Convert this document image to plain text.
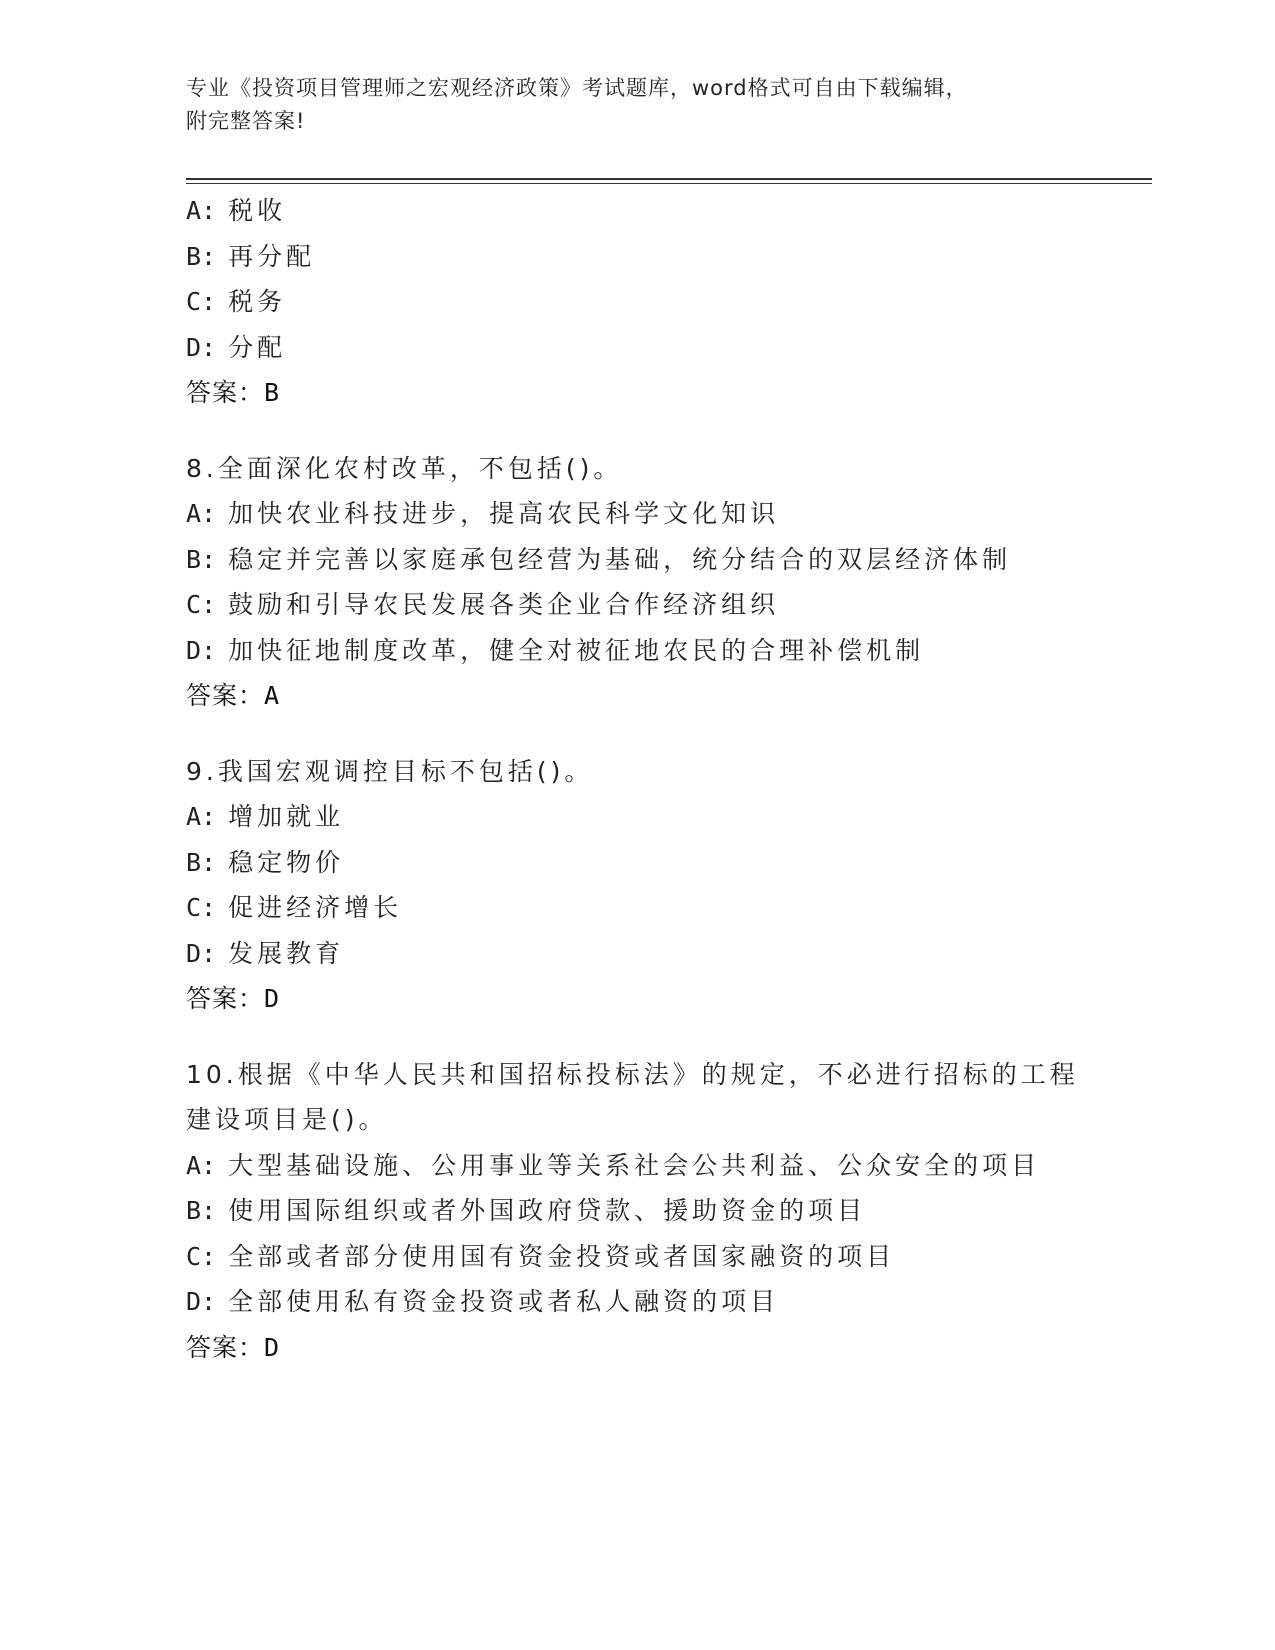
专业《投资项目管理师之宏观经济政策》考试题库，word格式可自由下载编辑，
附完整答案!
A: 税收
B: 再分配
C: 税务
D: 分配
答案：B
8.全面深化农村改革，不包括()。
A: 加快农业科技进步，提高农民科学文化知识
B: 稳定并完善以家庭承包经营为基础，统分结合的双层经济体制
C: 鼓励和引导农民发展各类企业合作经济组织
D: 加快征地制度改革，健全对被征地农民的合理补偿机制
答案：A
9.我国宏观调控目标不包括()。
A: 增加就业
B: 稳定物价
C: 促进经济增长
D: 发展教育
答案：D
10.根据《中华人民共和国招标投标法》的规定，不必进行招标的工程
建设项目是()。
A: 大型基础设施、公用事业等关系社会公共利益、公众安全的项目
B: 使用国际组织或者外国政府贷款、援助资金的项目
C: 全部或者部分使用国有资金投资或者国家融资的项目
D: 全部使用私有资金投资或者私人融资的项目
答案：D
